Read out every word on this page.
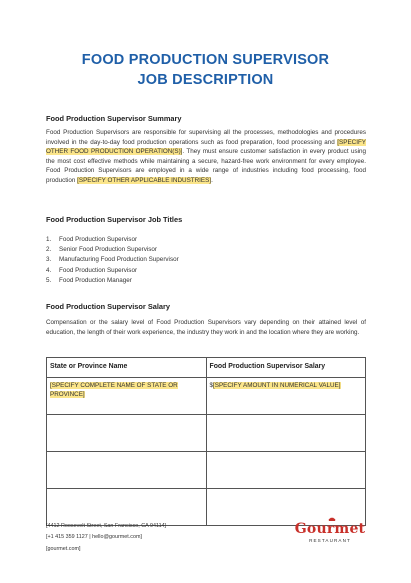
FOOD PRODUCTION SUPERVISOR
JOB DESCRIPTION
Food Production Supervisor Summary
Food Production Supervisors are responsible for supervising all the processes, methodologies and procedures involved in the day-to-day food production operations such as food preparation, food processing and [SPECIFY OTHER FOOD PRODUCTION OPERATION(S)]. They must ensure customer satisfaction in every product using the most cost effective methods while maintaining a secure, hazard-free work environment for every employee. Food Production Supervisors are employed in a wide range of industries including food processing, food production [SPECIFY OTHER APPLICABLE INDUSTRIES].
Food Production Supervisor Job Titles
1. Food Production Supervisor
2. Senior Food Production Supervisor
3. Manufacturing Food Production Supervisor
4. Food Production Supervisor
5. Food Production Manager
Food Production Supervisor Salary
Compensation or the salary level of Food Production Supervisors vary depending on their attained level of education, the length of their work experience, the industry they work in and the location where they are working.
State or Province Name	Food Production Supervisor Salary
[SPECIFY COMPLETE NAME OF STATE OR PROVINCE]	$[SPECIFY AMOUNT IN NUMERICAL VALUE]

[4412 Roosevelt Street, San Francisco, CA 94114]
[+1 415 359 1127 | hello@gourmet.com]
[gourmet.com]
Gourmet
RESTAURANT
